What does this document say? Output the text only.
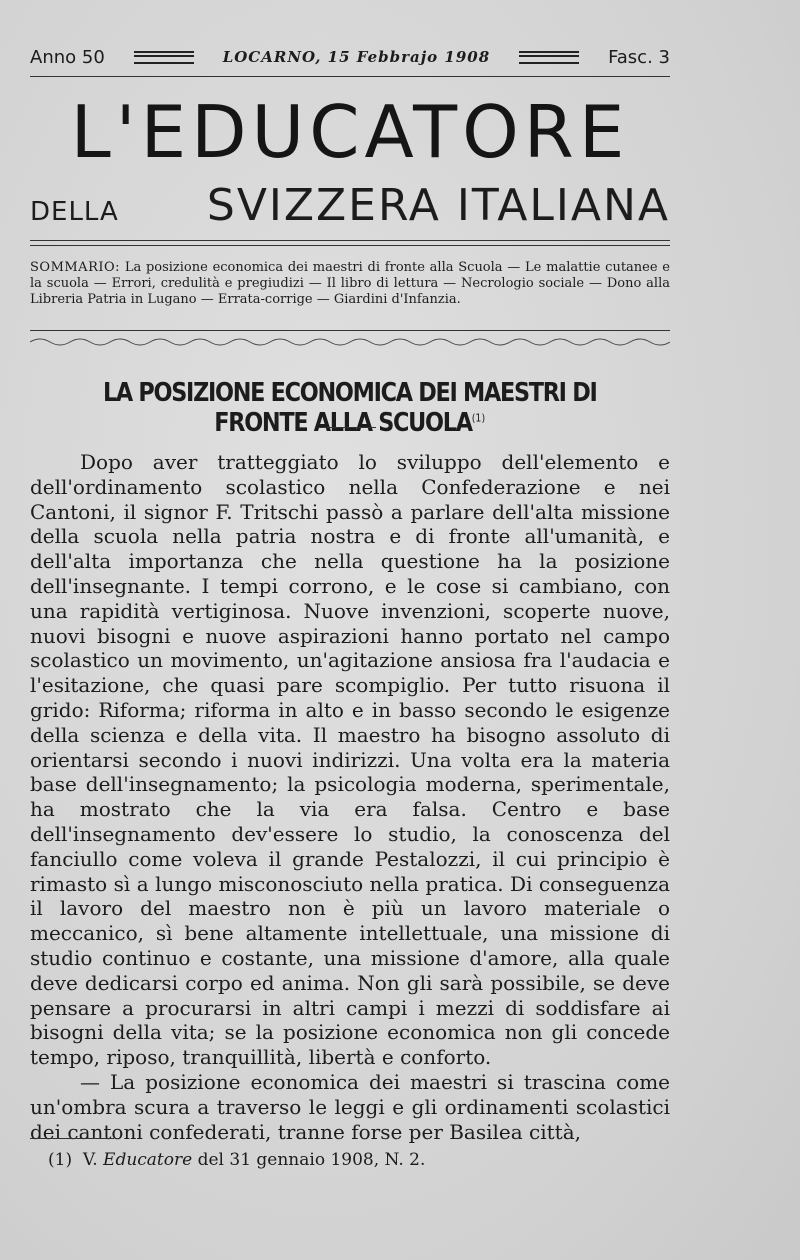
Anno 50	LOCARNO, 15 Febbrajo 1908	Fasc. 3
L'EDUCATORE
DELLA SVIZZERA ITALIANA
SOMMARIO: La posizione economica dei maestri di fronte alla Scuola — Le malattie cutanee e la scuola — Errori, credulità e pregiudizi — Il libro di lettura — Necrologio sociale — Dono alla Libreria Patria in Lugano — Errata-corrige — Giardini d'Infanzia.
LA POSIZIONE ECONOMICA DEI MAESTRI DI FRONTE ALLA SCUOLA$^{(1)}$

Dopo aver tratteggiato lo sviluppo dell'elemento e dell'ordinamento scolastico nella Confederazione e nei Cantoni, il signor F. Tritschi passò a parlare dell'alta missione della scuola nella patria nostra e di fronte all'umanità, e dell'alta importanza che nella questione ha la posizione dell'insegnante. I tempi corrono, e le cose si cambiano, con una rapidità vertiginosa. Nuove invenzioni, scoperte nuove, nuovi bisogni e nuove aspirazioni hanno portato nel campo scolastico un movimento, un'agitazione ansiosa fra l'audacia e l'esitazione, che quasi pare scompiglio. Per tutto risuona il grido: Riforma; riforma in alto e in basso secondo le esigenze della scienza e della vita. Il maestro ha bisogno assoluto di orientarsi secondo i nuovi indirizzi. Una volta era la materia base dell'insegnamento; la psicologia moderna, sperimentale, ha mostrato che la via era falsa. Centro e base dell'insegnamento dev'essere lo studio, la conoscenza del fanciullo come voleva il grande Pestalozzi, il cui principio è rimasto sì a lungo misconosciuto nella pratica. Di conseguenza il lavoro del maestro non è più un lavoro materiale o meccanico, sì bene altamente intellettuale, una missione di studio continuo e costante, una missione d'amore, alla quale deve dedicarsi corpo ed anima. Non gli sarà possibile, se deve pensare a procurarsi in altri campi i mezzi di soddisfare ai bisogni della vita; se la posizione economica non gli concede tempo, riposo, tranquillità, libertà e conforto.

— La posizione economica dei maestri si trascina come un'ombra scura a traverso le leggi e gli ordinamenti scolastici dei cantoni confederati, tranne forse per Basilea città,

(1) V. Educatore del 31 gennaio 1908, N. 2.
